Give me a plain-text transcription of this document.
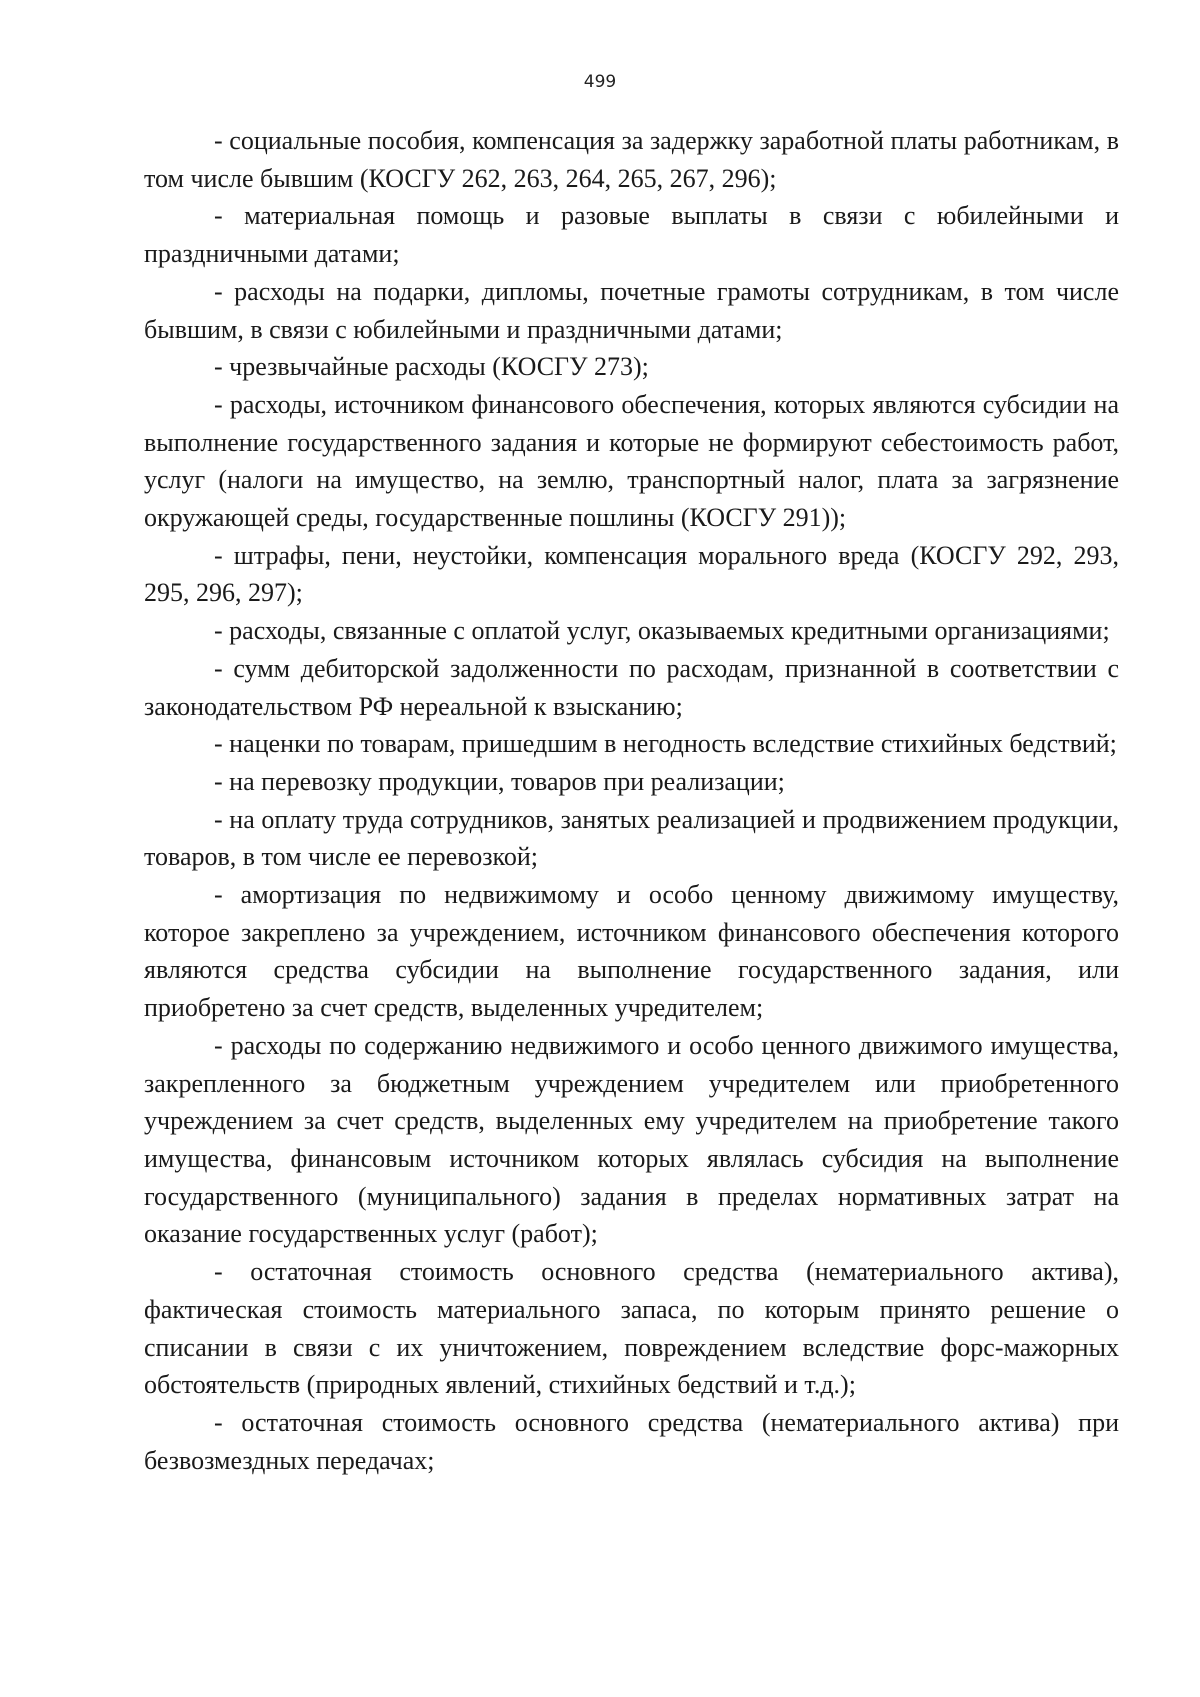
499

- социальные пособия, компенсация за задержку заработной платы работникам, в том числе бывшим (КОСГУ 262, 263, 264, 265, 267, 296);

- материальная помощь и разовые выплаты в связи с юбилейными и праздничными датами;

- расходы на подарки, дипломы, почетные грамоты сотрудникам, в том числе бывшим, в связи с юбилейными и праздничными датами;

- чрезвычайные расходы (КОСГУ 273);

- расходы, источником финансового обеспечения, которых являются субсидии на выполнение государственного задания и которые не формируют себестоимость работ, услуг (налоги на имущество, на землю, транспортный налог, плата за загрязнение окружающей среды, государственные пошлины (КОСГУ 291));

- штрафы, пени, неустойки, компенсация морального вреда (КОСГУ 292, 293, 295, 296, 297);

- расходы, связанные с оплатой услуг, оказываемых кредитными организациями;

- сумм дебиторской задолженности по расходам, признанной в соответствии с законодательством РФ нереальной к взысканию;

- наценки по товарам, пришедшим в негодность вследствие стихийных бедствий;

- на перевозку продукции, товаров при реализации;

- на оплату труда сотрудников, занятых реализацией и продвижением продукции, товаров, в том числе ее перевозкой;

- амортизация по недвижимому и особо ценному движимому имуществу, которое закреплено за учреждением, источником финансового обеспечения которого являются средства субсидии на выполнение государственного задания, или приобретено за счет средств, выделенных учредителем;

- расходы по содержанию недвижимого и особо ценного движимого имущества, закрепленного за бюджетным учреждением учредителем или приобретенного учреждением за счет средств, выделенных ему учредителем на приобретение такого имущества, финансовым источником которых являлась субсидия на выполнение государственного (муниципального) задания в пределах нормативных затрат на оказание государственных услуг (работ);

- остаточная стоимость основного средства (нематериального актива), фактическая стоимость материального запаса, по которым принято решение о списании в связи с их уничтожением, повреждением вследствие форс-мажорных обстоятельств (природных явлений, стихийных бедствий и т.д.);

- остаточная стоимость основного средства (нематериального актива) при безвозмездных передачах;
